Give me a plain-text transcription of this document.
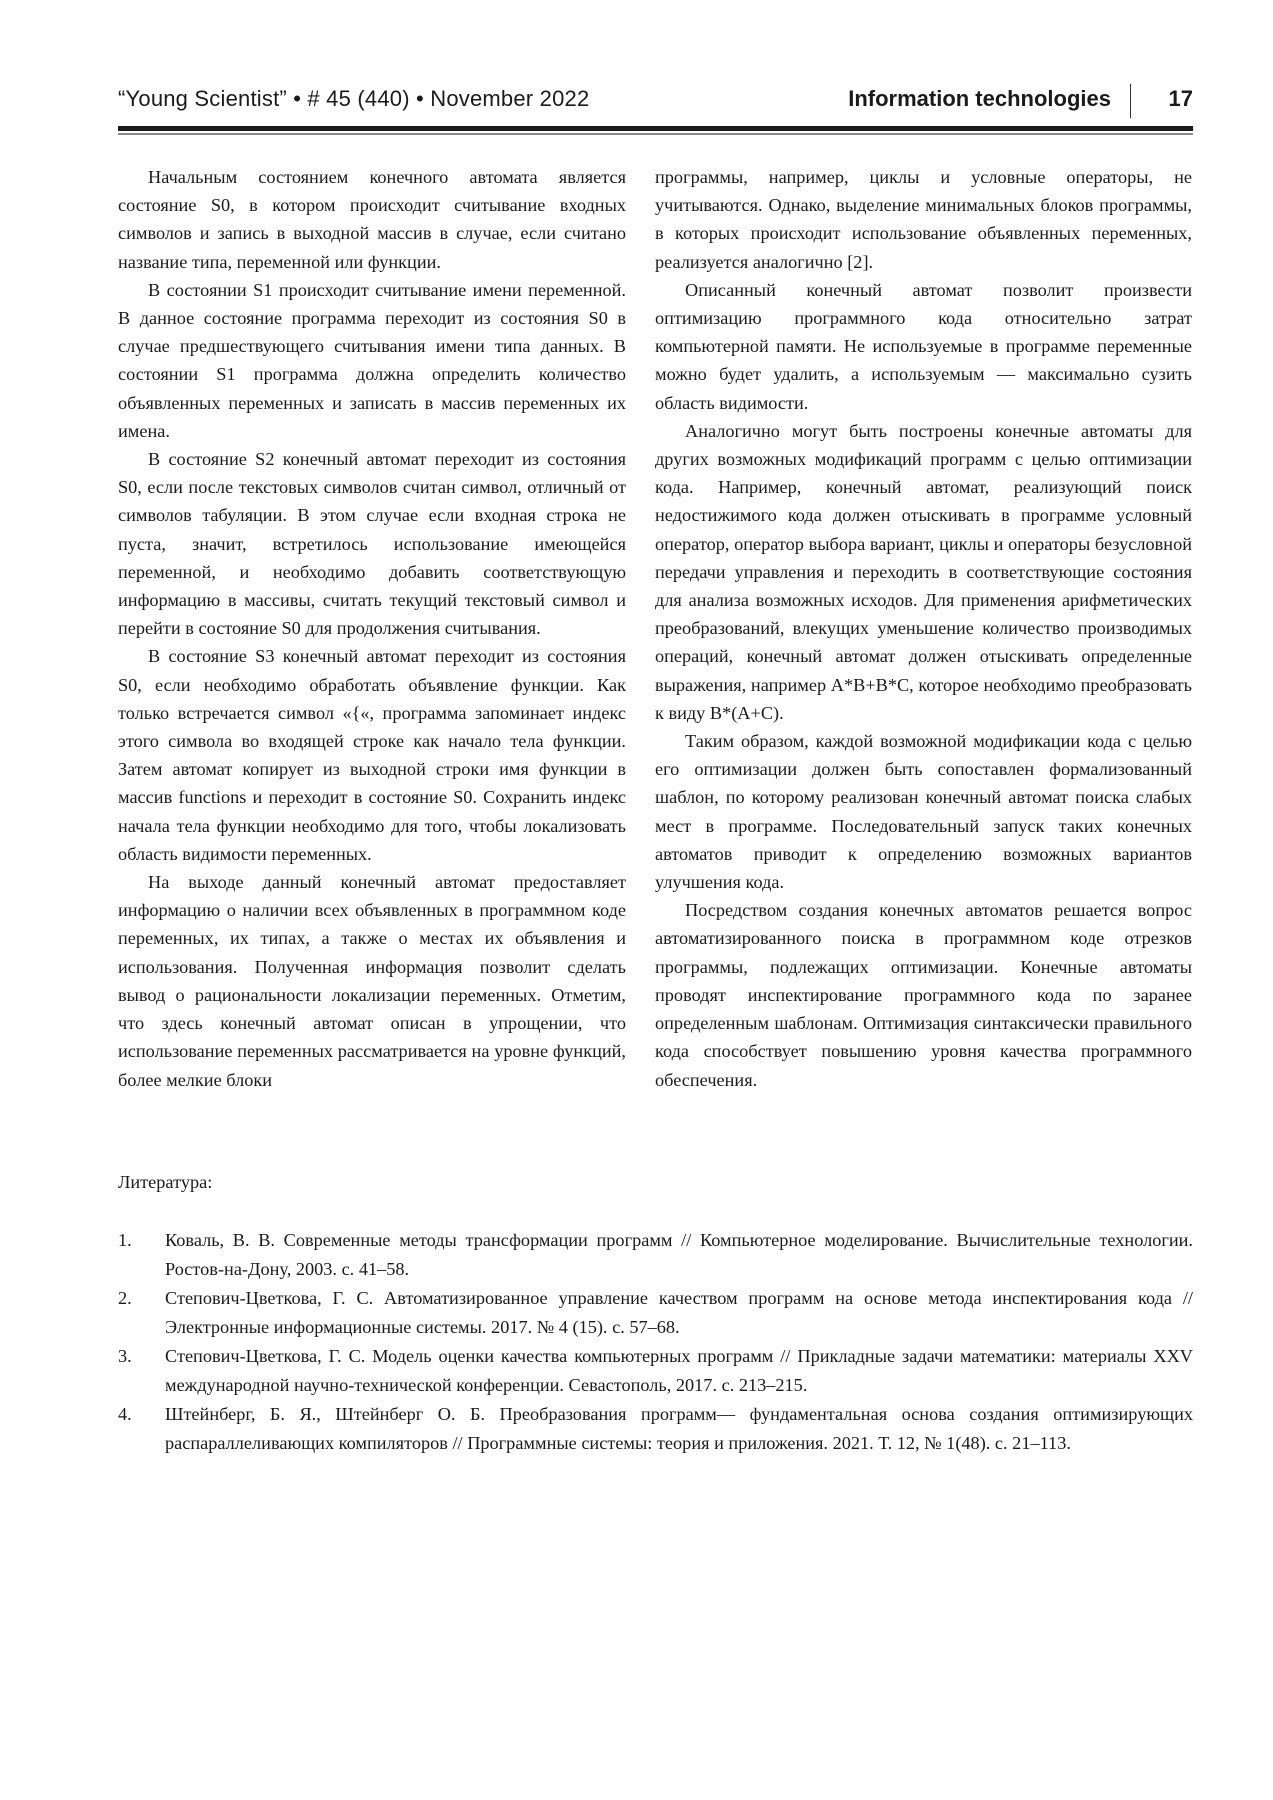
“Young Scientist” • # 45 (440) • November 2022	Information technologies	17

Начальным состоянием конечного автомата является состояние S0, в котором происходит считывание входных символов и запись в выходной массив в случае, если считано название типа, переменной или функции.

В состоянии S1 происходит считывание имени переменной. В данное состояние программа переходит из состояния S0 в случае предшествующего считывания имени типа данных. В состоянии S1 программа должна определить количество объявленных переменных и записать в массив переменных их имена.

В состояние S2 конечный автомат переходит из состояния S0, если после текстовых символов считан символ, отличный от символов табуляции. В этом случае если входная строка не пуста, значит, встретилось использование имеющейся переменной, и необходимо добавить соответствующую информацию в массивы, считать текущий текстовый символ и перейти в состояние S0 для продолжения считывания.

В состояние S3 конечный автомат переходит из состояния S0, если необходимо обработать объявление функции. Как только встречается символ «{«, программа запоминает индекс этого символа во входящей строке как начало тела функции. Затем автомат копирует из выходной строки имя функции в массив functions и переходит в состояние S0. Сохранить индекс начала тела функции необходимо для того, чтобы локализовать область видимости переменных.

На выходе данный конечный автомат предоставляет информацию о наличии всех объявленных в программном коде переменных, их типах, а также о местах их объявления и использования. Полученная информация позволит сделать вывод о рациональности локализации переменных. Отметим, что здесь конечный автомат описан в упрощении, что использование переменных рассматривается на уровне функций, более мелкие блоки

программы, например, циклы и условные операторы, не учитываются. Однако, выделение минимальных блоков программы, в которых происходит использование объявленных переменных, реализуется аналогично [2].

Описанный конечный автомат позволит произвести оптимизацию программного кода относительно затрат компьютерной памяти. Не используемые в программе переменные можно будет удалить, а используемым — максимально сузить область видимости.

Аналогично могут быть построены конечные автоматы для других возможных модификаций программ с целью оптимизации кода. Например, конечный автомат, реализующий поиск недостижимого кода должен отыскивать в программе условный оператор, оператор выбора вариант, циклы и операторы безусловной передачи управления и переходить в соответствующие состояния для анализа возможных исходов. Для применения арифметических преобразований, влекущих уменьшение количество производимых операций, конечный автомат должен отыскивать определенные выражения, например A*B+B*C, которое необходимо преобразовать к виду B*(A+C).

Таким образом, каждой возможной модификации кода с целью его оптимизации должен быть сопоставлен формализованный шаблон, по которому реализован конечный автомат поиска слабых мест в программе. Последовательный запуск таких конечных автоматов приводит к определению возможных вариантов улучшения кода.

Посредством создания конечных автоматов решается вопрос автоматизированного поиска в программном коде отрезков программы, подлежащих оптимизации. Конечные автоматы проводят инспектирование программного кода по заранее определенным шаблонам. Оптимизация синтаксически правильного кода способствует повышению уровня качества программного обеспечения.

Литература:
1.	Коваль, В. В. Современные методы трансформации программ // Компьютерное моделирование. Вычислительные технологии. Ростов-на-Дону, 2003. с. 41–58.
2.	Степович-Цветкова, Г. С. Автоматизированное управление качеством программ на основе метода инспектирования кода // Электронные информационные системы. 2017. № 4 (15). с. 57–68.
3.	Степович-Цветкова, Г. С. Модель оценки качества компьютерных программ // Прикладные задачи математики: материалы XXV международной научно-технической конференции. Севастополь, 2017. с. 213–215.
4.	Штейнберг, Б. Я., Штейнберг О. Б. Преобразования программ— фундаментальная основа создания оптимизирующих распараллеливающих компиляторов // Программные системы: теория и приложения. 2021. Т. 12, № 1(48). с. 21–113.
